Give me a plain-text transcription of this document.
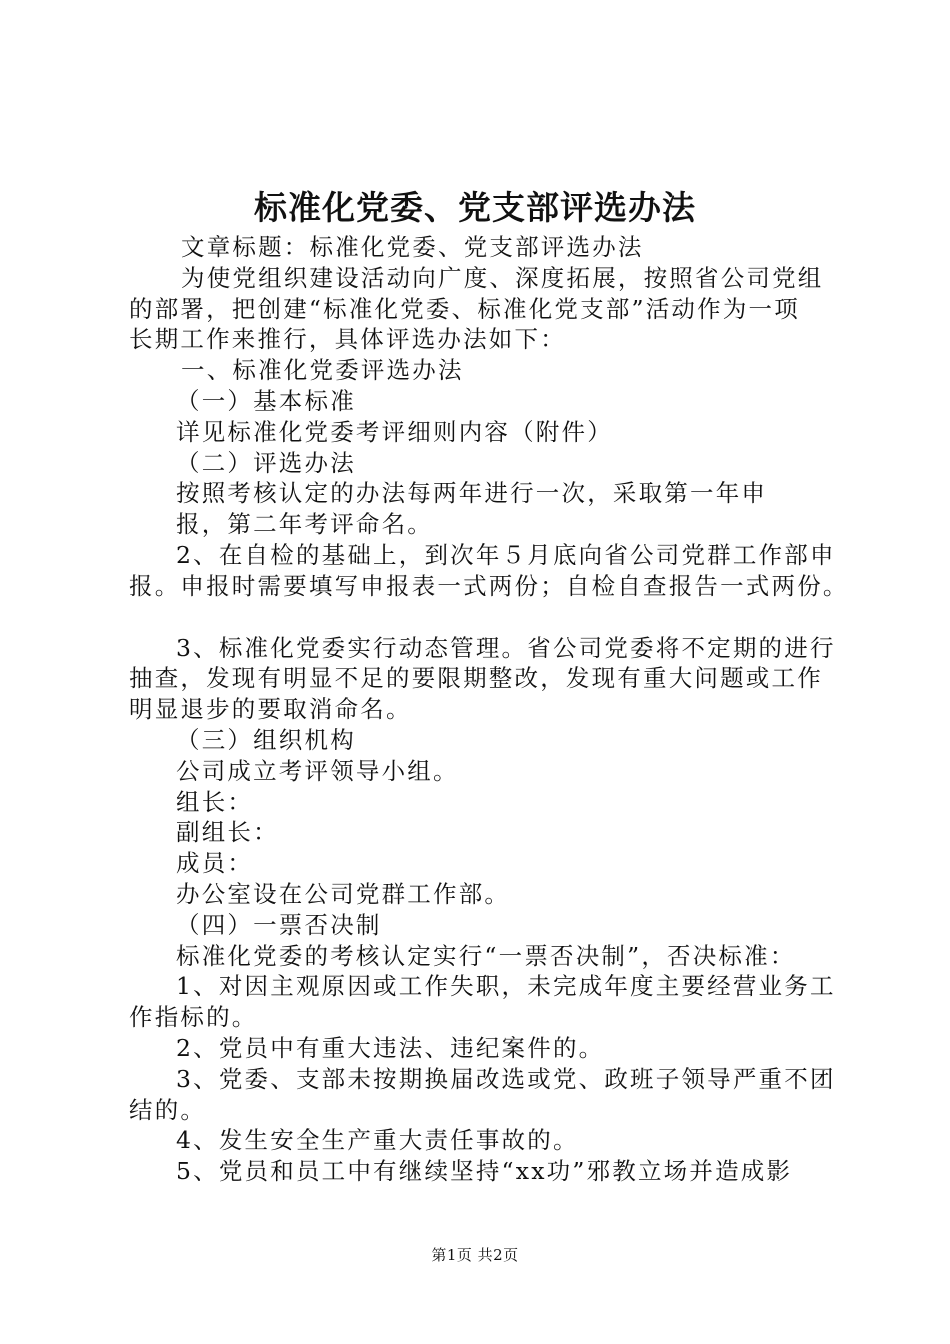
标准化党委、党支部评选办法

文章标题：标准化党委、党支部评选办法

为使党组织建设活动向广度、深度拓展，按照省公司党组

的部署，把创建“标准化党委、标准化党支部”活动作为一项

长期工作来推行，具体评选办法如下：

一、标准化党委评选办法

（一）基本标准

详见标准化党委考评细则内容（附件）

（二）评选办法

按照考核认定的办法每两年进行一次，采取第一年申

报，第二年考评命名。

2、在自检的基础上，到次年５月底向省公司党群工作部申

报。申报时需要填写申报表一式两份；自检自查报告一式两份。

3、标准化党委实行动态管理。省公司党委将不定期的进行

抽查，发现有明显不足的要限期整改，发现有重大问题或工作

明显退步的要取消命名。

（三）组织机构

公司成立考评领导小组。

组长：

副组长：

成员：

办公室设在公司党群工作部。

（四）一票否决制

标准化党委的考核认定实行“一票否决制”，否决标准：

1、对因主观原因或工作失职，未完成年度主要经营业务工

作指标的。

2、党员中有重大违法、违纪案件的。

3、党委、支部未按期换届改选或党、政班子领导严重不团

结的。

4、发生安全生产重大责任事故的。

5、党员和员工中有继续坚持“xx功”邪教立场并造成影

第1页 共2页
